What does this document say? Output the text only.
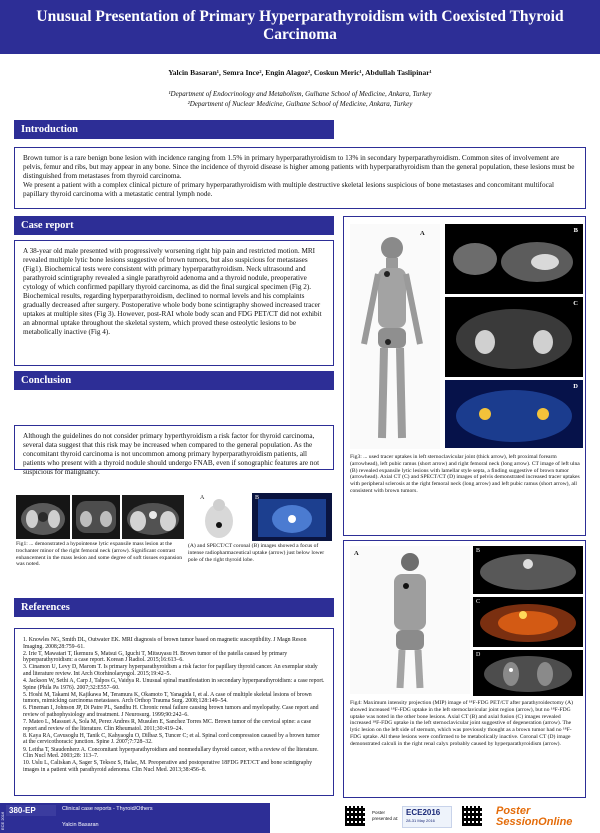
Unusual Presentation of Primary Hyperparathyroidism with Coexisted Thyroid Carcinoma
Yalcin Basaran¹, Semra Ince², Engin Alagoz², Coskun Meric¹, Abdullah Taslipinar¹
¹Department of Endocrinology and Metabolism, Gulhane School of Medicine, Ankara, Turkey
²Department of Nuclear Medicine, Gulhane School of Medicine, Ankara, Turkey
Introduction

Brown tumor is a rare benign bone lesion with incidence ranging from 1.5% in primary hyperparathyroidism to 13% in secondary hyperparathyroidism. Common sites of involvement are pelvis, femur and ribs, but may appear in any bone. Since the incidence of thyroid disease is higher among patients with hyperparathyroidism than the general population, these lesions must be distinguished from metastases from thyroid carcinoma.

We present a patient with a complex clinical picture of primary hyperparathyroidism with multiple destructive skeletal lesions suspicious of bone metastases and concomitant multifocal papillary thyroid carcinoma with a metastatic central lymph node.

Case report

A 38-year old male presented with progressively worsening right hip pain and restricted motion. MRI revealed multiple lytic bone lesions suggestive of brown tumors, but also suspicious for metastases (Fig1). Biochemical tests were consistent with primary hyperparathyroidism. Neck ultrasound and parathyroid scintigraphy revealed a single parathyroid adenoma and a thyroid nodule, preoperative cytology of which confirmed papillary thyroid carcinoma, as did the final surgical specimen (Fig 2). Biochemical results, regarding hyperparathyroidism, declined to normal levels and his complaints gradually decreased after surgery. Postoperative whole body bone scintigraphy showed increased tracer uptakes at multiple sites (Fig 3). However, post-RAI whole body scan and FDG PET/CT did not exhibit an abnormal uptake throughout the skeletal system, which proved these osteolytic lesions to be metabolically inactive (Fig 4).

Conclusion

Although the guidelines do not consider primary hyperthyroidism a risk factor for thyroid carcinoma, several data suggest that this risk may be increased when compared to the general population. As the concomitant thyroid carcinoma is not uncommon among primary hyperparathyroidism patients, all patients who present with a thyroid nodule should undergo FNAB, even if sonographic features are not suspicious for malignancy.

Fig1: ... demonstrated a hypointense lytic expansile mass lesion at the trochanter minor of the right femoral neck (arrow). Significant contrast enhancement in the mass lesion and some degree of soft tissues expansion was noted.
A	B
(A) and SPECT/CT coronal (B) images showed a focus of intense radiopharmaceutical uptake (arrow) just below lower pole of the right thyroid lobe.
References
1. Knowles NG, Smith DL, Outwater EK. MRI diagnosis of brown tumor based on magnetic susceptibility. J Magn Reson Imaging. 2008;28:759–61.
2. Irie T, Mawatari T, Ikemura S, Matsui G, Iguchi T, Mitsuyasu H. Brown tumor of the patella caused by primary hyperparathyroidism: a case report. Korean J Radiol. 2015;16:613–6.
3. Cinamon U, Levy D, Marom T. Is primary hyperparathyroidism a risk factor for papillary thyroid cancer. An exemplar study and literature review. Int Arch Otorhinolaryngol. 2015;19:42–5.
4. Jackson W, Sethi A, Carp J, Talpos G, Vaidya R. Unusual spinal manifestation in secondary hyperparathyroidism: a case report. Spine (Phila Pa 1976). 2007;32:E557–60.
5. Hoshi M, Takami M, Kajikawa M, Teramura K, Okamoto T, Yanagida I, et al. A case of multiple skeletal lesions of brown tumors, mimicking carcinoma metastases. Arch Orthop Trauma Surg. 2008;128:149–54.
6. Fineman I, Johnson JP, Di Patre PL, Sandhu H. Chronic renal failure causing brown tumors and myelopathy. Case report and review of pathophysiology and treatment. J Neurosurg. 1999;90:242–6.
7. Mateo L, Massuet A, Sola M, Perez Andres R, Musulen E, Sanchez Torres MC. Brown tumor of the cervical spine: a case report and review of the literature. Clin Rheumatol. 2011;30:419–24.
8. Kaya RA, Cavusoglu H, Tanik C, Kahyaoglu O, Dilbaz S, Tuncer C; et al. Spinal cord compression caused by a brown tumor at the cervicothoracic junction. Spine J. 2007;7:728–32.
9. Leitha T, Staudenherz A. Concomitant hyperparathyroidism and nonmedullary thyroid cancer, with a review of the literature. Clin Nucl Med. 2003;28: 113–7.
10. Uslu L, Caliskan A, Sager S, Teksoz S, Halac, M. Preoperative and postoperative 18FDG PET/CT and bone scintigraphy images in a patient with parathyroid adenoma. Clin Nucl Med. 2013;38:456–8.
A	B
C
D
Fig3: ... used tracer uptakes in left sternoclavicular joint (thick arrow), left proximal forearm (arrowhead), left pubic ramus (short arrow) and right femoral neck (long arrow). CT image of left ulna (B) revealed expansile lytic lesions with lamellar style septa, a finding suggestive of brown tumor (arrowhead). Axial CT (C) and SPECT/CT (D) images of pelvis demonstrated increased tracer uptakes with peripheral sclerosis at the right femoral neck (long arrow) and left pubic ramus (short arrow), all consistent with brown tumors.
A	B
C
D
Fig4: Maximum intensity projection (MIP) image of ¹⁸F-FDG PET/CT after parathyroidectomy (A) showed increased ¹⁸F-FDG uptake in the left sternoclavicular joint region (arrow), but no ¹⁸F-FDG uptake was noted in the other bone lesions. Axial CT (B) and axial fusion (C) images revealed increased ¹⁸F-FDG uptake in the left sternoclavicular joint suggestive of degeneration (arrow). The lytic lesion on the left side of sternum, which was previously thought as a brown tumor had no ¹⁸F-FDG uptake. All these lesions were confirmed to be metabolically inactive. Coronal CT (D) image demonstrated calculi in the right renal calyx probably caused by hyperparathyroidism (arrow).
ECE 2016
380-EP	Clinical case reports - Thyroid/Others
Yalcin Basaran
Poster presented at:
ECE2016
28-31 May 2016
Poster SessionOnline
